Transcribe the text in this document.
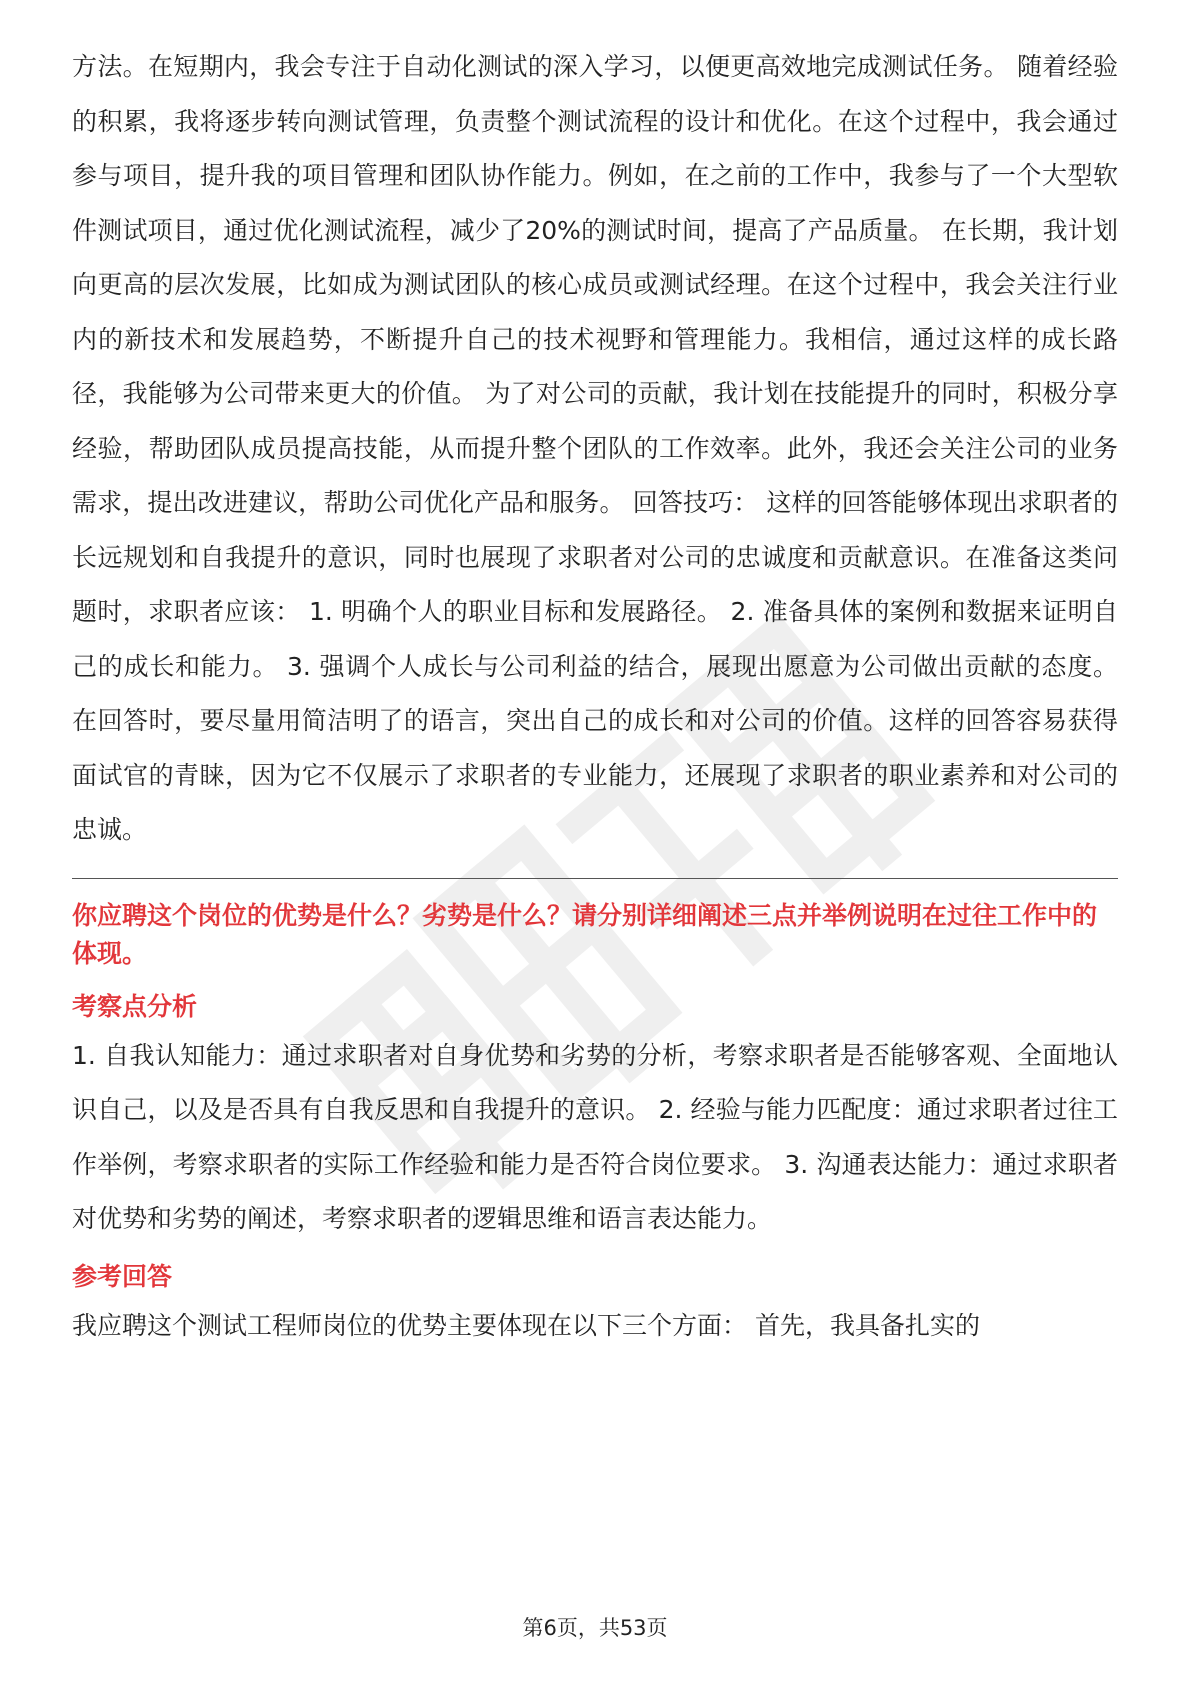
方法。在短期内，我会专注于自动化测试的深入学习，以便更高效地完成测试任务。 随着经验的积累，我将逐步转向测试管理，负责整个测试流程的设计和优化。在这个过程中，我会通过参与项目，提升我的项目管理和团队协作能力。例如，在之前的工作中，我参与了一个大型软件测试项目，通过优化测试流程，减少了20%的测试时间，提高了产品质量。 在长期，我计划向更高的层次发展，比如成为测试团队的核心成员或测试经理。在这个过程中，我会关注行业内的新技术和发展趋势，不断提升自己的技术视野和管理能力。我相信，通过这样的成长路径，我能够为公司带来更大的价值。 为了对公司的贡献，我计划在技能提升的同时，积极分享经验，帮助团队成员提高技能，从而提升整个团队的工作效率。此外，我还会关注公司的业务需求，提出改进建议，帮助公司优化产品和服务。 回答技巧： 这样的回答能够体现出求职者的长远规划和自我提升的意识，同时也展现了求职者对公司的忠诚度和贡献意识。在准备这类问题时，求职者应该： 1. 明确个人的职业目标和发展路径。 2. 准备具体的案例和数据来证明自己的成长和能力。 3. 强调个人成长与公司利益的结合，展现出愿意为公司做出贡献的态度。 在回答时，要尽量用简洁明了的语言，突出自己的成长和对公司的价值。这样的回答容易获得面试官的青睐，因为它不仅展示了求职者的专业能力，还展现了求职者的职业素养和对公司的忠诚。

你应聘这个岗位的优势是什么？劣势是什么？请分别详细阐述三点并举例说明在过往工作中的体现。

考察点分析

1. 自我认知能力：通过求职者对自身优势和劣势的分析，考察求职者是否能够客观、全面地认识自己，以及是否具有自我反思和自我提升的意识。 2. 经验与能力匹配度：通过求职者过往工作举例，考察求职者的实际工作经验和能力是否符合岗位要求。 3. 沟通表达能力：通过求职者对优势和劣势的阐述，考察求职者的逻辑思维和语言表达能力。

参考回答

我应聘这个测试工程师岗位的优势主要体现在以下三个方面： 首先，我具备扎实的

第6页，共53页
